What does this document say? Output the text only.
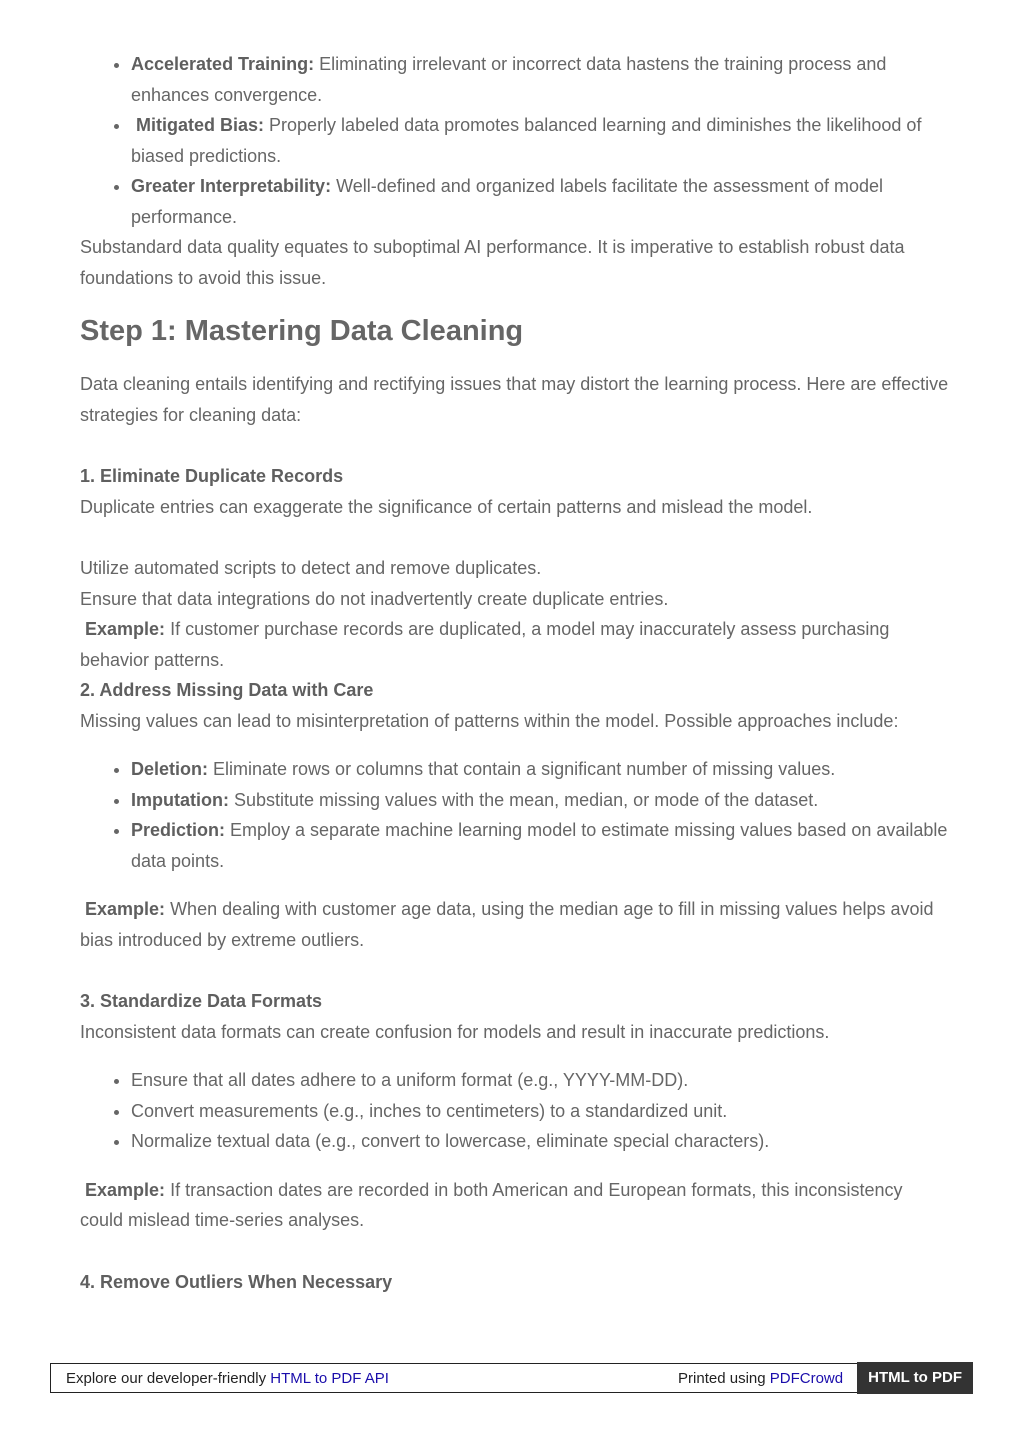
• Accelerated Training: Eliminating irrelevant or incorrect data hastens the training process and enhances convergence.
• Mitigated Bias: Properly labeled data promotes balanced learning and diminishes the likelihood of biased predictions.
• Greater Interpretability: Well-defined and organized labels facilitate the assessment of model performance.

Substandard data quality equates to suboptimal AI performance. It is imperative to establish robust data foundations to avoid this issue.

Step 1: Mastering Data Cleaning

Data cleaning entails identifying and rectifying issues that may distort the learning process. Here are effective strategies for cleaning data:

1. Eliminate Duplicate Records

Duplicate entries can exaggerate the significance of certain patterns and mislead the model.

Utilize automated scripts to detect and remove duplicates.

Ensure that data integrations do not inadvertently create duplicate entries.

Example: If customer purchase records are duplicated, a model may inaccurately assess purchasing behavior patterns.

2. Address Missing Data with Care

Missing values can lead to misinterpretation of patterns within the model. Possible approaches include:

• Deletion: Eliminate rows or columns that contain a significant number of missing values.
• Imputation: Substitute missing values with the mean, median, or mode of the dataset.
• Prediction: Employ a separate machine learning model to estimate missing values based on available data points.

Example: When dealing with customer age data, using the median age to fill in missing values helps avoid bias introduced by extreme outliers.

3. Standardize Data Formats

Inconsistent data formats can create confusion for models and result in inaccurate predictions.

• Ensure that all dates adhere to a uniform format (e.g., YYYY-MM-DD).
• Convert measurements (e.g., inches to centimeters) to a standardized unit.
• Normalize textual data (e.g., convert to lowercase, eliminate special characters).

Example: If transaction dates are recorded in both American and European formats, this inconsistency could mislead time-series analyses.

4. Remove Outliers When Necessary

Explore our developer-friendly HTML to PDF API	Printed using PDFCrowd	HTML to PDF
